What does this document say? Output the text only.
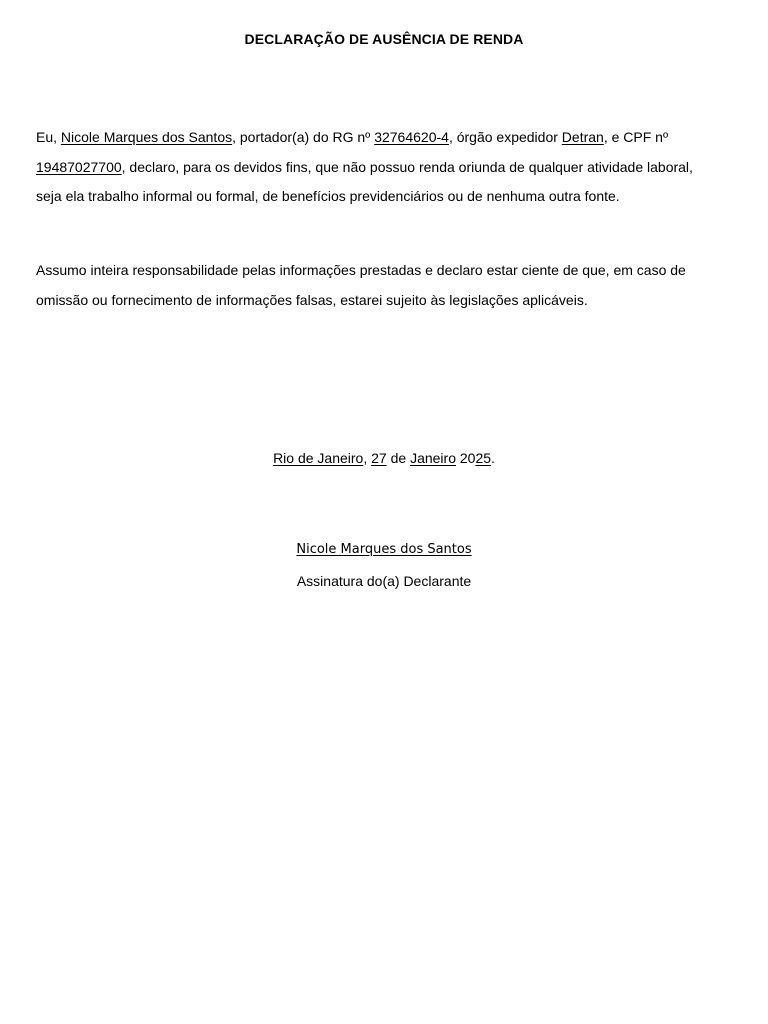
DECLARAÇÃO DE AUSÊNCIA DE RENDA
Eu, Nicole Marques dos Santos, portador(a) do RG nº 32764620-4, órgão expedidor Detran, e CPF nº 19487027700, declaro, para os devidos fins, que não possuo renda oriunda de qualquer atividade laboral, seja ela trabalho informal ou formal, de benefícios previdenciários ou de nenhuma outra fonte.
Assumo inteira responsabilidade pelas informações prestadas e declaro estar ciente de que, em caso de omissão ou fornecimento de informações falsas, estarei sujeito às legislações aplicáveis.
Rio de Janeiro, 27 de Janeiro 2025.
Nicole Marques dos Santos
Assinatura do(a) Declarante
